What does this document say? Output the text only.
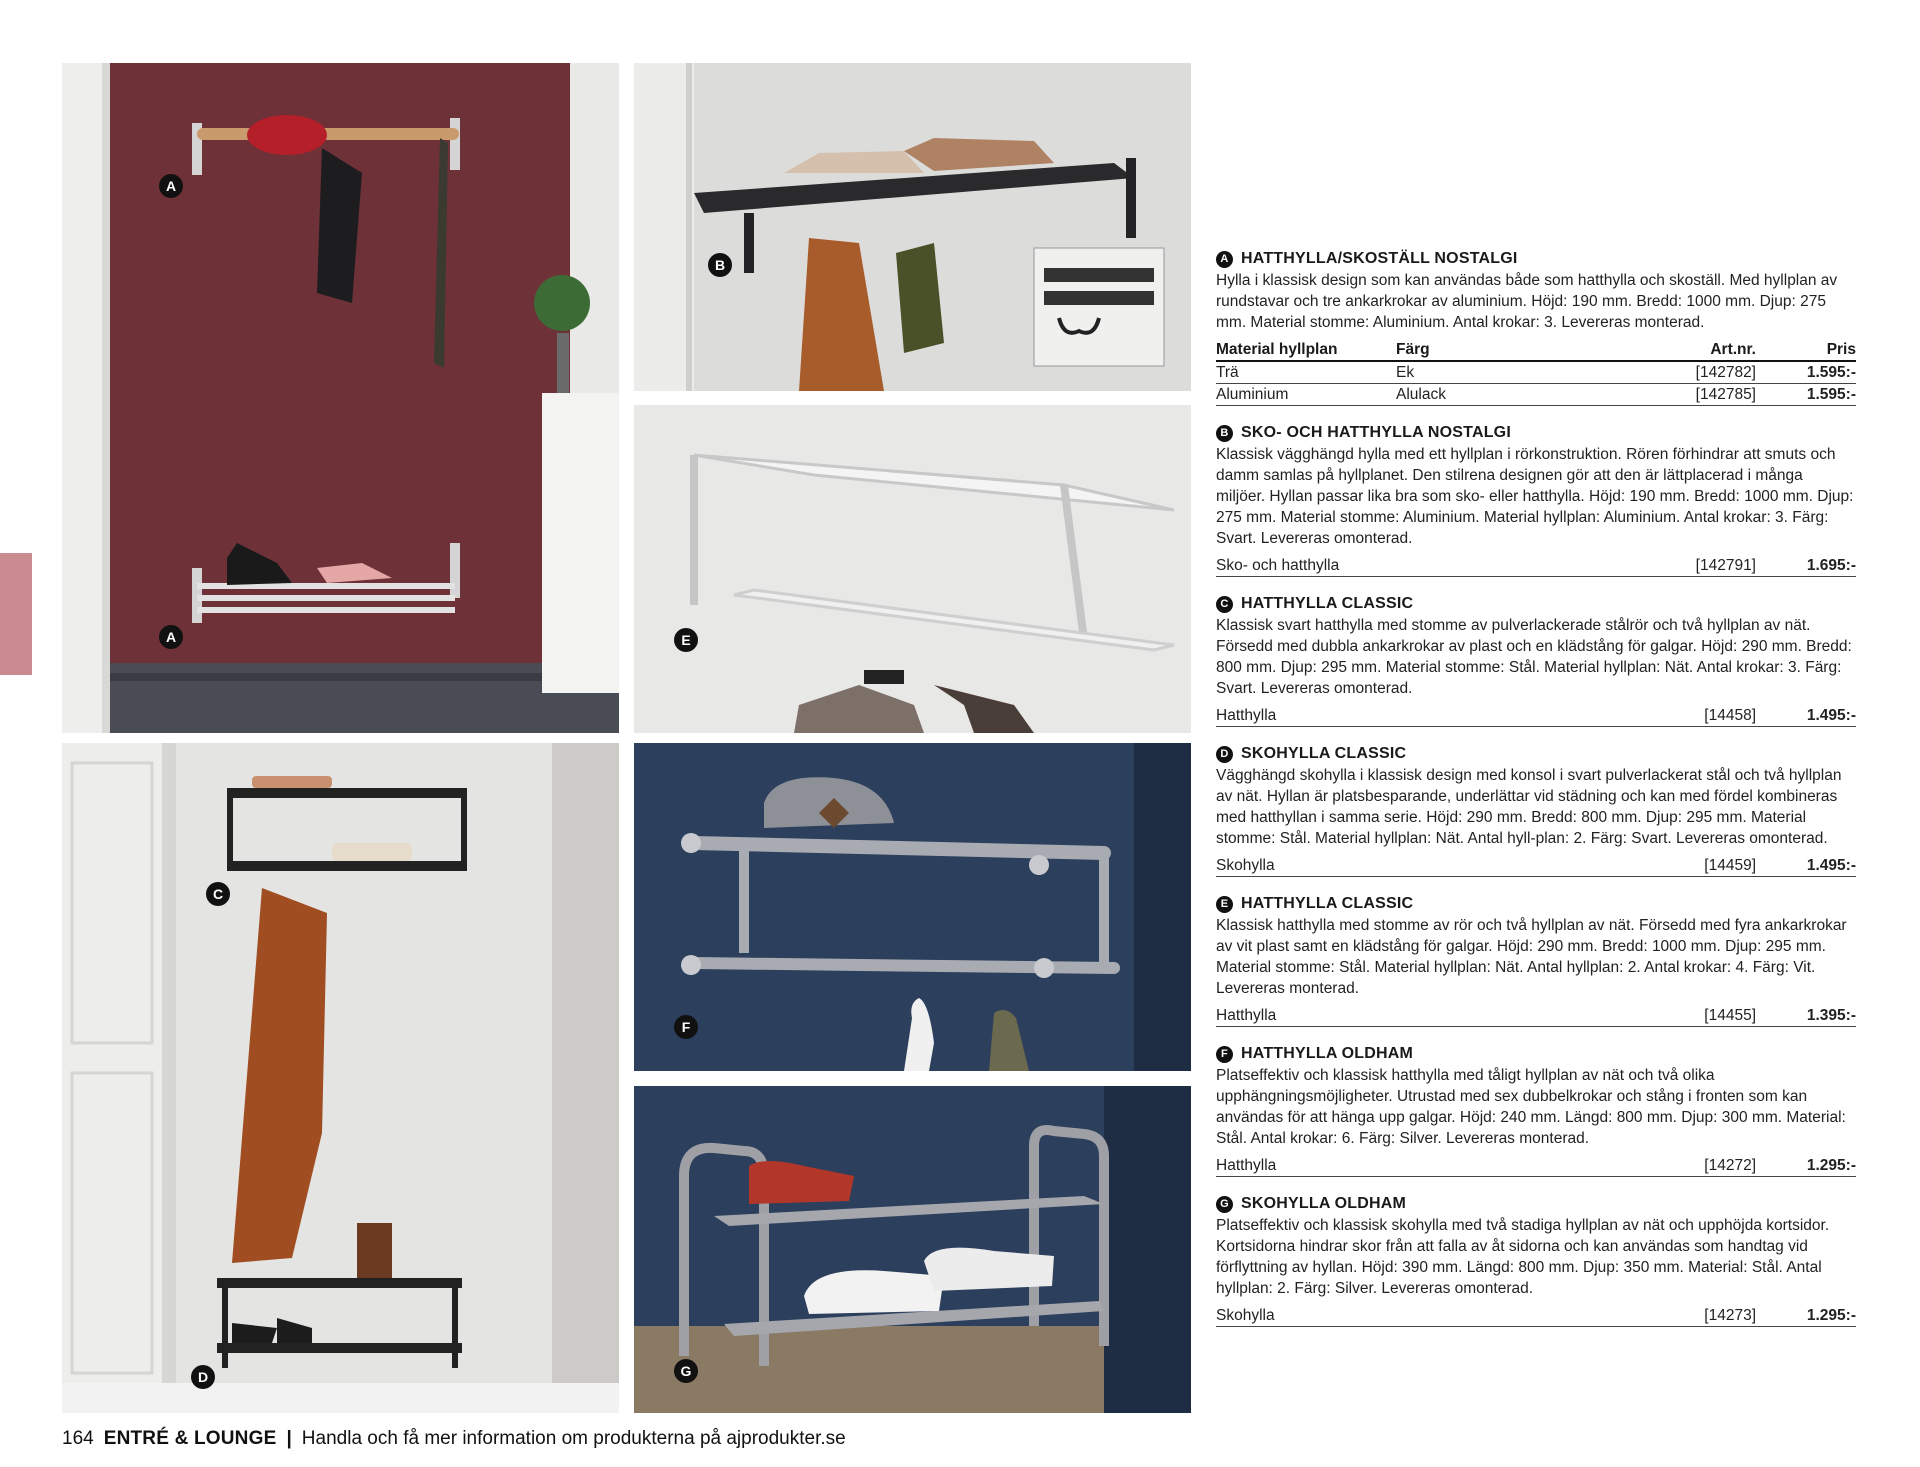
A
A
B
E
C
D
F
G
A HATTHYLLA/SKOSTÄLL NOSTALGI
Hylla i klassisk design som kan användas både som hatthylla och skoställ. Med hyllplan av rundstavar och tre ankarkrokar av aluminium. Höjd: 190 mm. Bredd: 1000 mm. Djup: 275 mm. Material stomme: Aluminium. Antal krokar: 3. Levereras monterad.
Material hyllplan	Färg	Art.nr.	Pris
Trä	Ek	[142782]	1.595:-
Aluminium	Alulack	[142785]	1.595:-
B SKO- OCH HATTHYLLA NOSTALGI
Klassisk vägghängd hylla med ett hyllplan i rörkonstruktion. Rören förhindrar att smuts och damm samlas på hyllplanet. Den stilrena designen gör att den är lättplacerad i många miljöer. Hyllan passar lika bra som sko- eller hatthylla. Höjd: 190 mm. Bredd: 1000 mm. Djup: 275 mm. Material stomme: Aluminium. Material hyllplan: Aluminium. Antal krokar: 3. Färg: Svart. Levereras omonterad.
Sko- och hatthylla	[142791]	1.695:-
C HATTHYLLA CLASSIC
Klassisk svart hatthylla med stomme av pulverlackerade stålrör och två hyllplan av nät. Försedd med dubbla ankarkrokar av plast och en klädstång för galgar. Höjd: 290 mm. Bredd: 800 mm. Djup: 295 mm. Material stomme: Stål. Material hyllplan: Nät. Antal krokar: 3. Färg: Svart. Levereras omonterad.
Hatthylla	[14458]	1.495:-
D SKOHYLLA CLASSIC
Vägghängd skohylla i klassisk design med konsol i svart pulverlackerat stål och två hyllplan av nät. Hyllan är platsbesparande, underlättar vid städning och kan med fördel kombineras med hatthyllan i samma serie. Höjd: 290 mm. Bredd: 800 mm. Djup: 295 mm. Material stomme: Stål. Material hyllplan: Nät. Antal hyll-plan: 2. Färg: Svart. Levereras omonterad.
Skohylla	[14459]	1.495:-
E HATTHYLLA CLASSIC
Klassisk hatthylla med stomme av rör och två hyllplan av nät. Försedd med fyra ankarkrokar av vit plast samt en klädstång för galgar. Höjd: 290 mm. Bredd: 1000 mm. Djup: 295 mm. Material stomme: Stål. Material hyllplan: Nät. Antal hyllplan: 2. Antal krokar: 4. Färg: Vit. Levereras monterad.
Hatthylla	[14455]	1.395:-
F HATTHYLLA OLDHAM
Platseffektiv och klassisk hatthylla med tåligt hyllplan av nät och två olika upphängningsmöjligheter. Utrustad med sex dubbelkrokar och stång i fronten som kan användas för att hänga upp galgar. Höjd: 240 mm. Längd: 800 mm. Djup: 300 mm. Material: Stål. Antal krokar: 6. Färg: Silver. Levereras monterad.
Hatthylla	[14272]	1.295:-
G SKOHYLLA OLDHAM
Platseffektiv och klassisk skohylla med två stadiga hyllplan av nät och upphöjda kortsidor. Kortsidorna hindrar skor från att falla av åt sidorna och kan användas som handtag vid förflyttning av hyllan. Höjd: 390 mm. Längd: 800 mm. Djup: 350 mm. Material: Stål. Antal hyllplan: 2. Färg: Silver. Levereras omonterad.
Skohylla	[14273]	1.295:-
164 ENTRÉ & LOUNGE | Handla och få mer information om produkterna på ajprodukter.se
